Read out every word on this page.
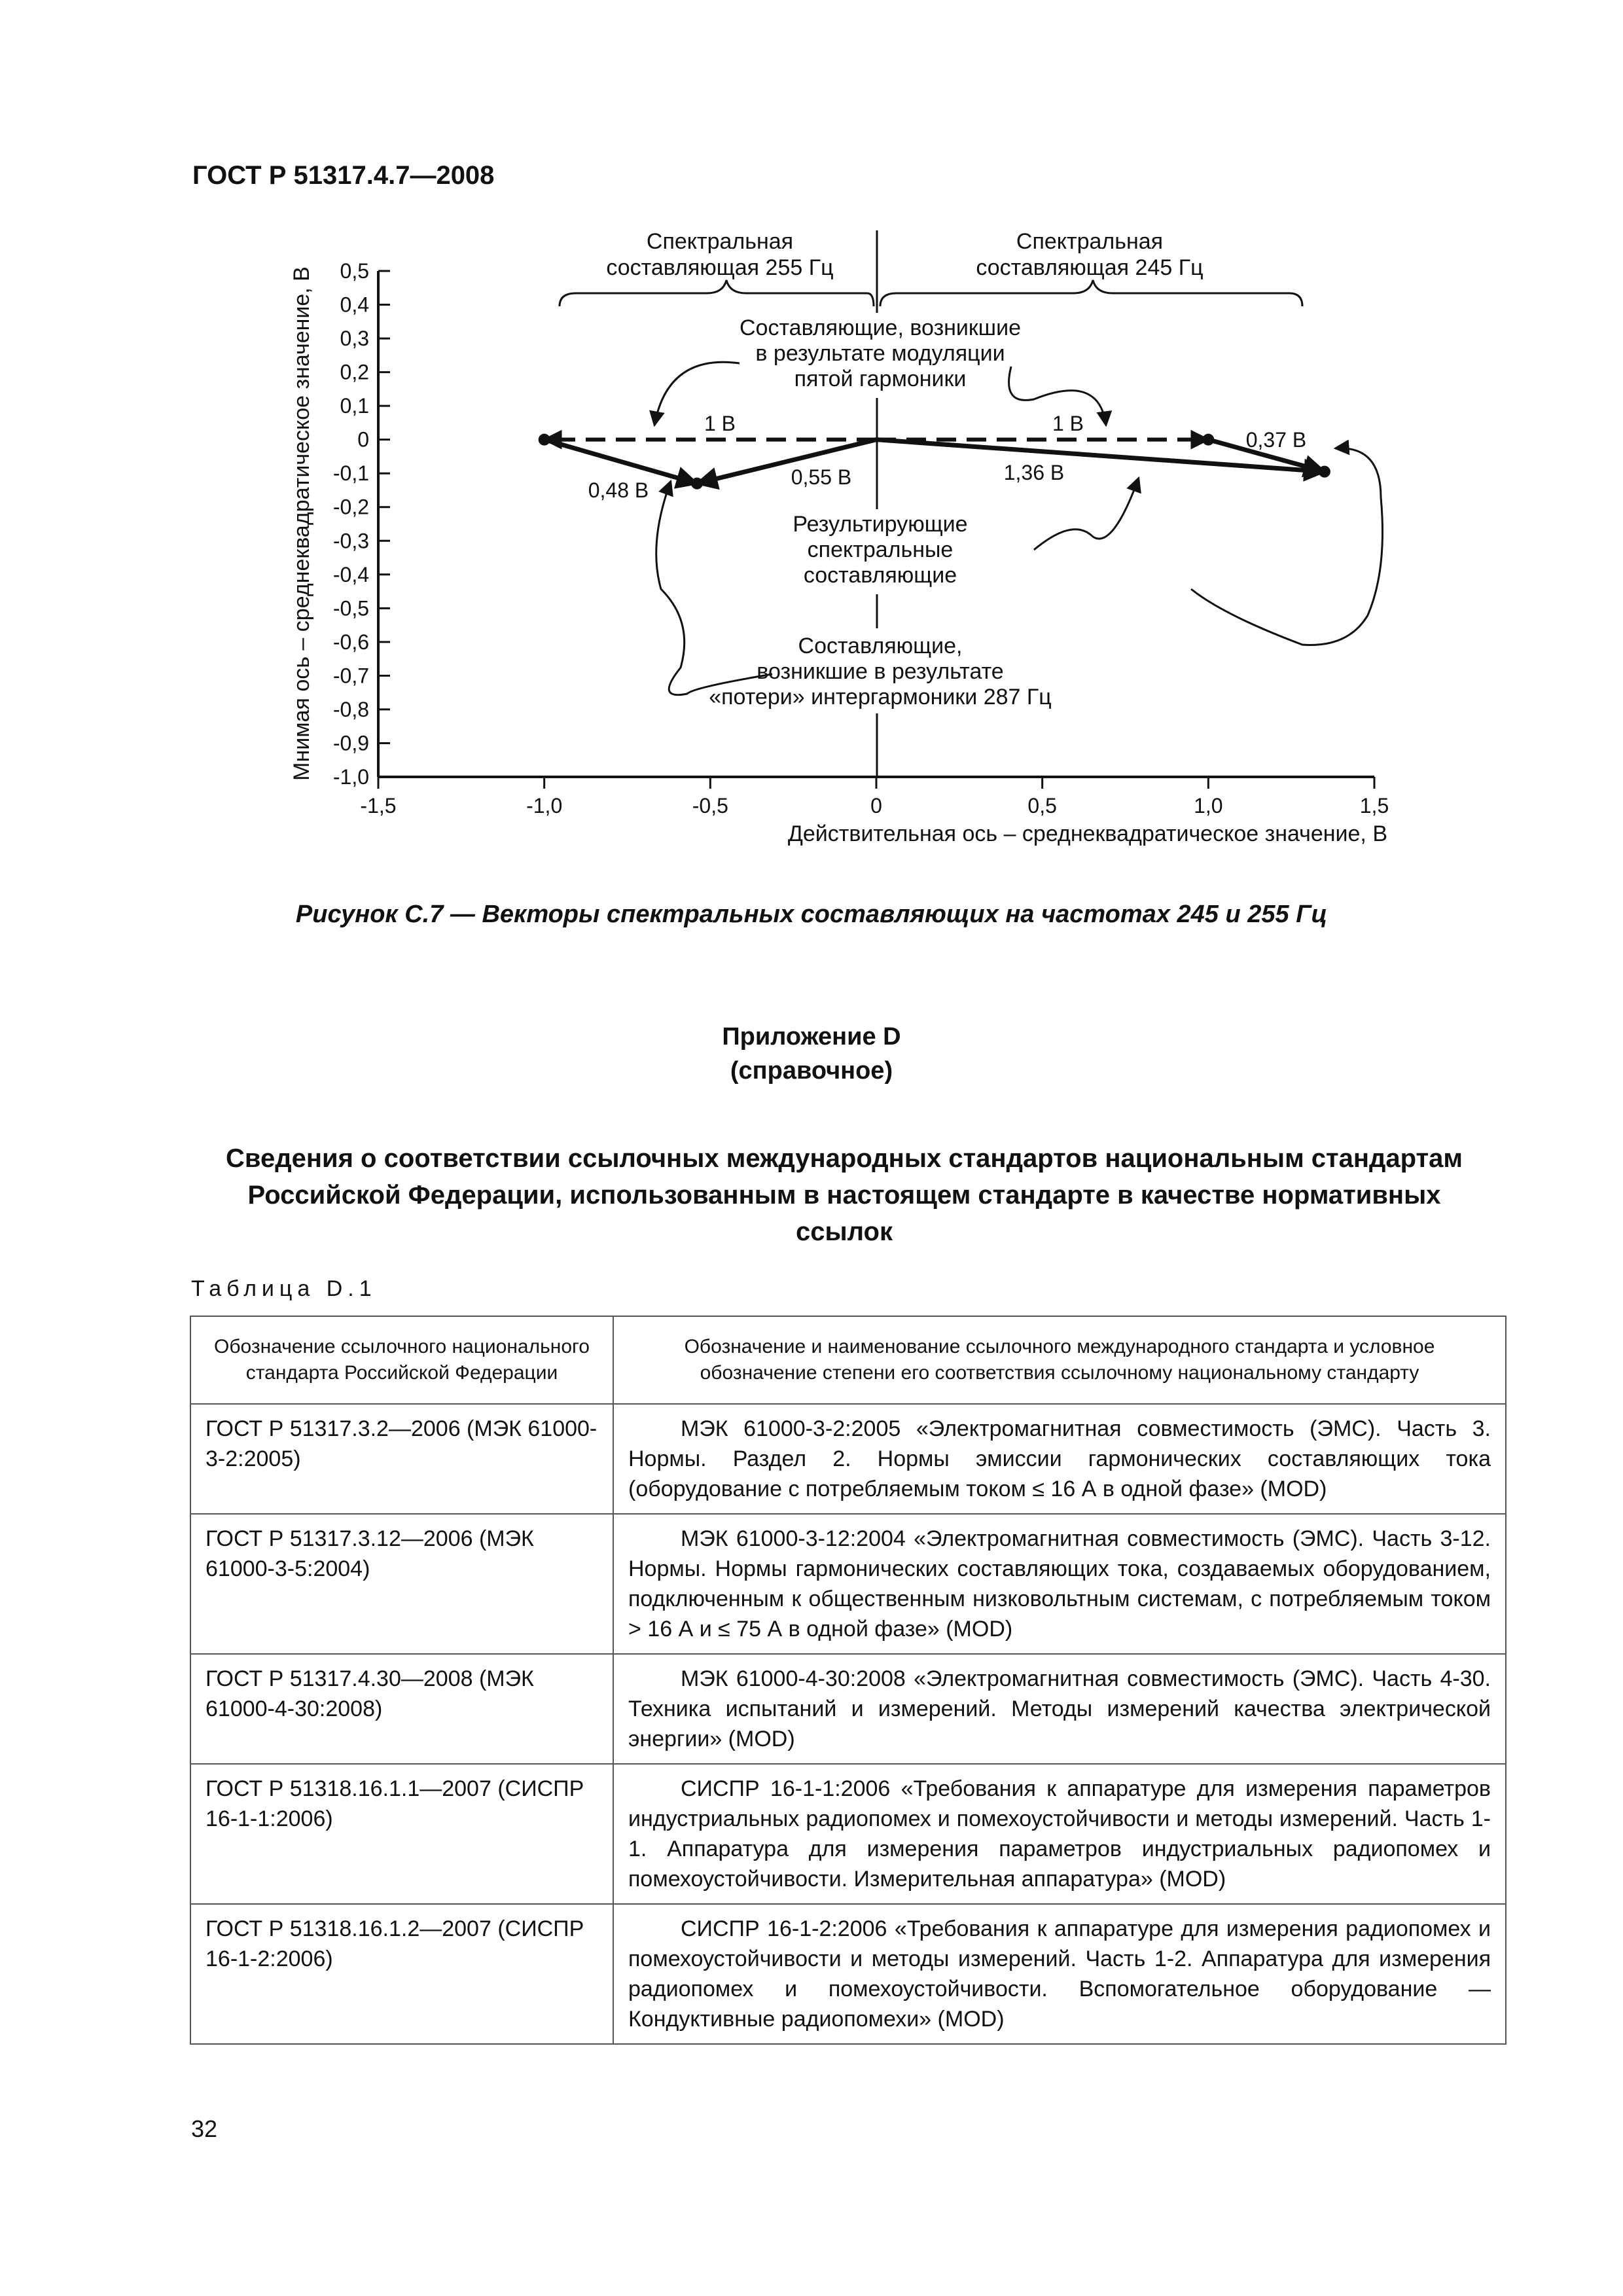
ГОСТ Р 51317.4.7—2008
0,5
0,4
0,3
0,2
0,1
0
-0,1
-0,2
-0,3
-0,4
-0,5
-0,6
-0,7
-0,8
-0,9
-1,0
-1,5	-1,0	-0,5	0	0,5	1,0	1,5
Мнимая ось – среднеквадратическое значение, В
Действительная ось – среднеквадратическое значение, В
Спектральная
составляющая 255 Гц
Спектральная
составляющая 245 Гц
Составляющие, возникшие
в результате модуляции
пятой гармоники
1 В	1 В
0,48 В
0,55 В	1,36 В
0,37 В
Результирующие
спектральные
составляющие
Составляющие,
возникшие в результате
«потери» интергармоники 287 Гц
Рисунок С.7 — Векторы спектральных составляющих на частотах 245 и 255 Гц
Приложение D
(справочное)
Сведения о соответствии ссылочных международных стандартов национальным стандартам Российской Федерации, использованным в настоящем стандарте в качестве нормативных ссылок
Таблица D.1
Обозначение ссылочного национального стандарта Российской Федерации	Обозначение и наименование ссылочного международного стандарта и условное обозначение степени его соответствия ссылочному национальному стандарту
ГОСТ Р 51317.3.2—2006 (МЭК 61000-3-2:2005)	МЭК 61000-3-2:2005 «Электромагнитная совместимость (ЭМС). Часть 3. Нормы. Раздел 2. Нормы эмиссии гармонических составляющих тока (оборудование с потребляемым током ≤ 16 А в одной фазе» (MOD)
ГОСТ Р 51317.3.12—2006 (МЭК 61000-3-5:2004)	МЭК 61000-3-12:2004 «Электромагнитная совместимость (ЭМС). Часть 3-12. Нормы. Нормы гармонических составляющих тока, создаваемых оборудованием, подключенным к общественным низковольтным системам, с потребляемым током > 16 А и ≤ 75 А в одной фазе» (MOD)
ГОСТ Р 51317.4.30—2008 (МЭК 61000-4-30:2008)	МЭК 61000-4-30:2008 «Электромагнитная совместимость (ЭМС). Часть 4-30. Техника испытаний и измерений. Методы измерений качества электрической энергии» (MOD)
ГОСТ Р 51318.16.1.1—2007 (СИСПР 16-1-1:2006)	СИСПР 16-1-1:2006 «Требования к аппаратуре для измерения параметров индустриальных радиопомех и помехоустойчивости и методы измерений. Часть 1-1. Аппаратура для измерения параметров индустриальных радиопомех и помехоустойчивости. Измерительная аппаратура» (MOD)
ГОСТ Р 51318.16.1.2—2007 (СИСПР 16-1-2:2006)	СИСПР 16-1-2:2006 «Требования к аппаратуре для измерения радиопомех и помехоустойчивости и методы измерений. Часть 1-2. Аппаратура для измерения радиопомех и помехоустойчивости. Вспомогательное оборудование — Кондуктивные радиопомехи» (MOD)
32
